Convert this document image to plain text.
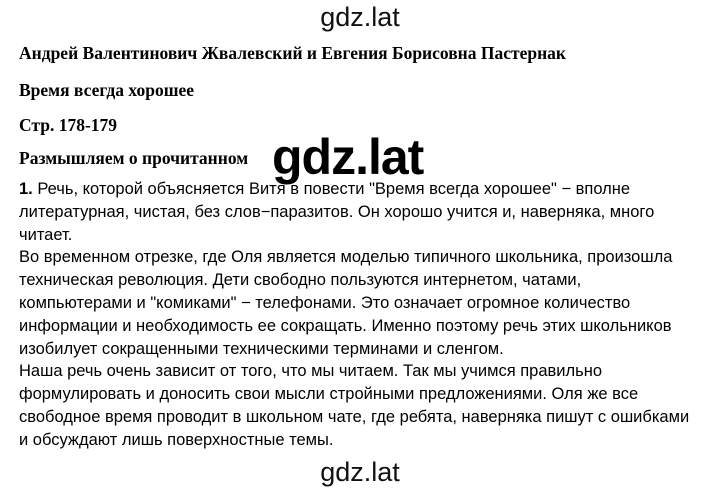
gdz.lat
Андрей Валентинович Жвалевский и Евгения Борисовна Пастернак
Время всегда хорошее
Стр. 178-179
Размышляем о прочитанном

1. Речь, которой объясняется Витя в повести "Время всегда хорошее" − вполне

литературная, чистая, без слов−паразитов. Он хорошо учится и, наверняка, много

читает.

Во временном отрезке, где Оля является моделью типичного школьника, произошла

техническая революция. Дети свободно пользуются интернетом, чатами,

компьютерами и "комиками" − телефонами. Это означает огромное количество

информации и необходимость ее сокращать. Именно поэтому речь этих школьников

изобилует сокращенными техническими терминами и сленгом.

Наша речь очень зависит от того, что мы читаем. Так мы учимся правильно

формулировать и доносить свои мысли стройными предложениями. Оля же все

свободное время проводит в школьном чате, где ребята, наверняка пишут с ошибками

и обсуждают лишь поверхностные темы.

gdz.lat
gdz.lat
